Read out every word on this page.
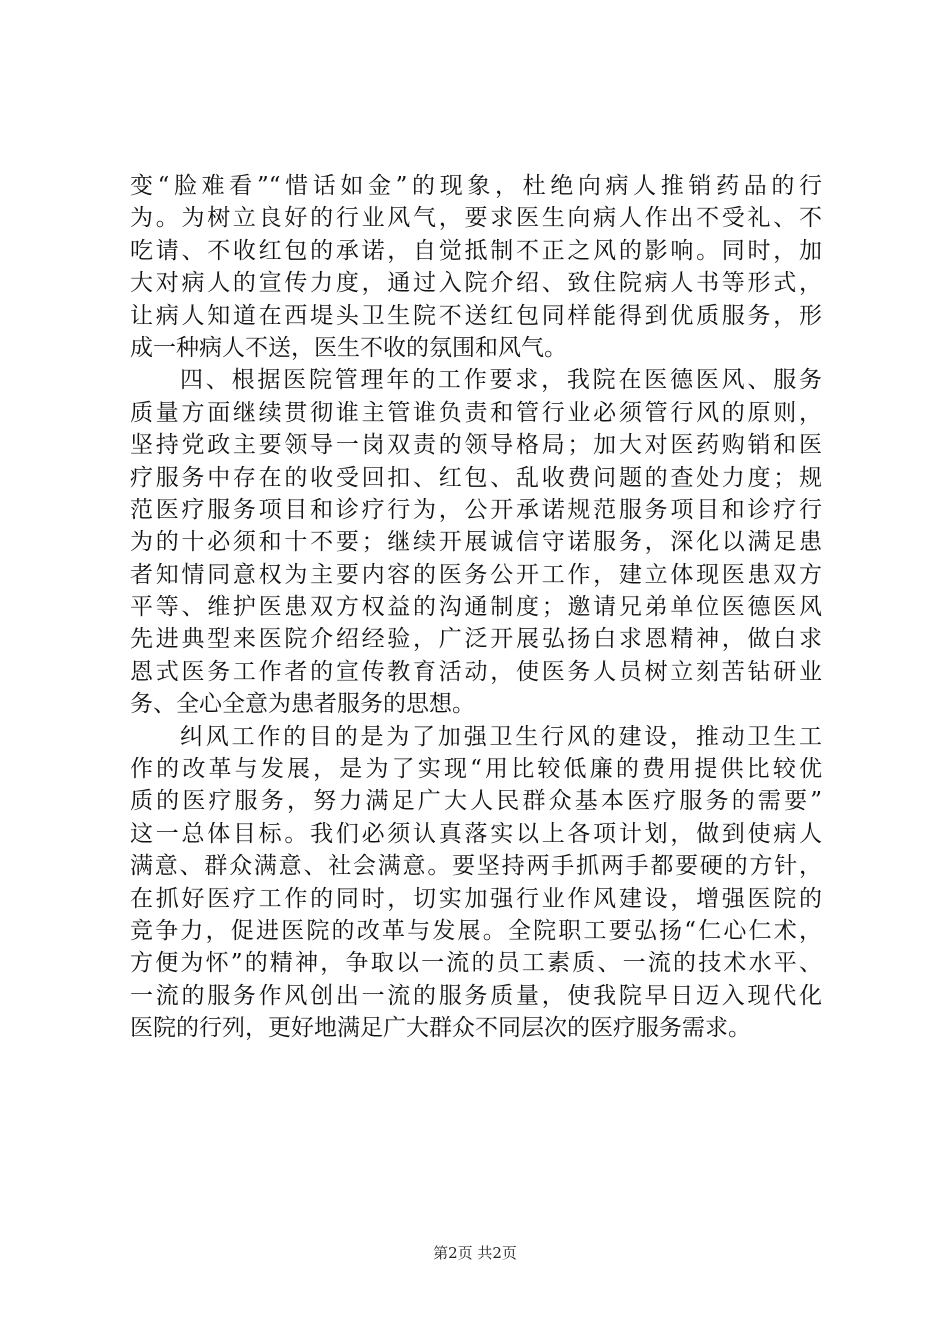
变“脸难看”“惜话如金”的现象，杜绝向病人推销药品的行
为。为树立良好的行业风气，要求医生向病人作出不受礼、不
吃请、不收红包的承诺，自觉抵制不正之风的影响。同时，加
大对病人的宣传力度，通过入院介绍、致住院病人书等形式，
让病人知道在西堤头卫生院不送红包同样能得到优质服务，形
成一种病人不送，医生不收的氛围和风气。
四、根据医院管理年的工作要求，我院在医德医风、服务
质量方面继续贯彻谁主管谁负责和管行业必须管行风的原则，
坚持党政主要领导一岗双责的领导格局；加大对医药购销和医
疗服务中存在的收受回扣、红包、乱收费问题的查处力度；规
范医疗服务项目和诊疗行为，公开承诺规范服务项目和诊疗行
为的十必须和十不要；继续开展诚信守诺服务，深化以满足患
者知情同意权为主要内容的医务公开工作，建立体现医患双方
平等、维护医患双方权益的沟通制度；邀请兄弟单位医德医风
先进典型来医院介绍经验，广泛开展弘扬白求恩精神，做白求
恩式医务工作者的宣传教育活动，使医务人员树立刻苦钻研业
务、全心全意为患者服务的思想。
纠风工作的目的是为了加强卫生行风的建设，推动卫生工
作的改革与发展，是为了实现“用比较低廉的费用提供比较优
质的医疗服务，努力满足广大人民群众基本医疗服务的需要”
这一总体目标。我们必须认真落实以上各项计划，做到使病人
满意、群众满意、社会满意。要坚持两手抓两手都要硬的方针，
在抓好医疗工作的同时，切实加强行业作风建设，增强医院的
竞争力，促进医院的改革与发展。全院职工要弘扬“仁心仁术，
方便为怀”的精神，争取以一流的员工素质、一流的技术水平、
一流的服务作风创出一流的服务质量，使我院早日迈入现代化
医院的行列，更好地满足广大群众不同层次的医疗服务需求。
第2页 共2页
